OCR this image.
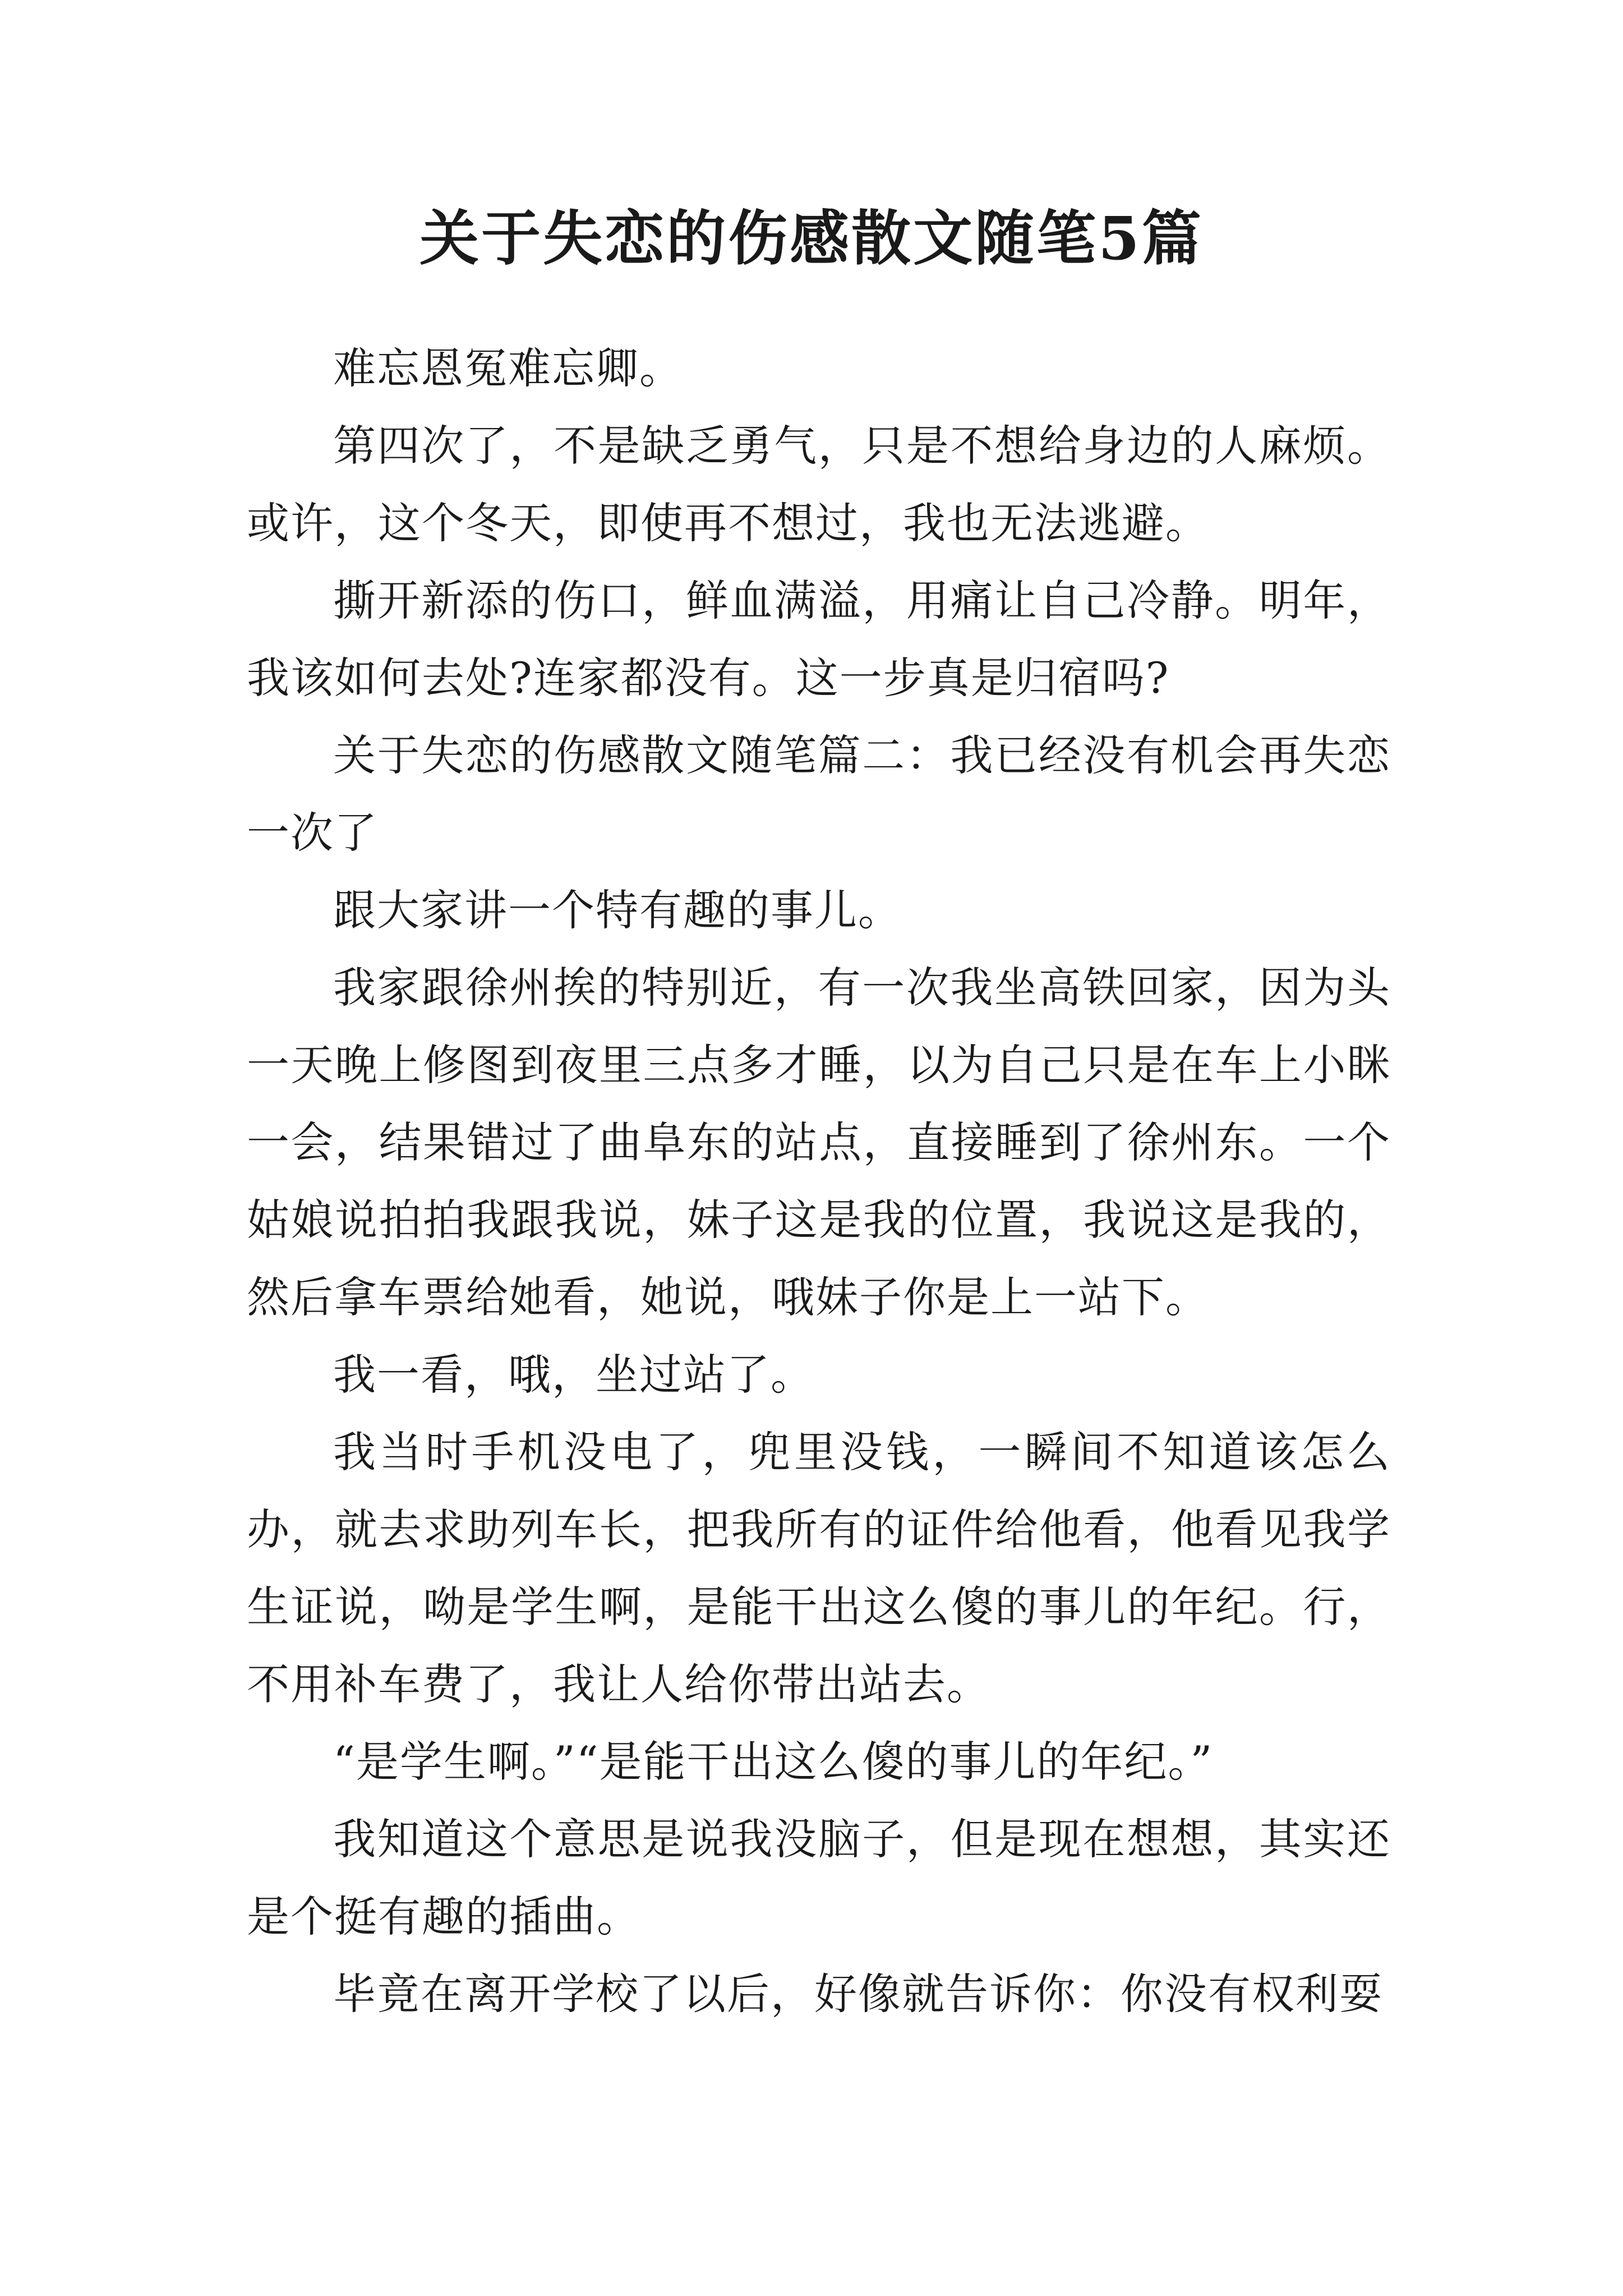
关于失恋的伤感散文随笔5篇

难忘恩冤难忘卿。

第四次了，不是缺乏勇气，只是不想给身边的人麻烦。或许，这个冬天，即使再不想过，我也无法逃避。

撕开新添的伤口，鲜血满溢，用痛让自己冷静。明年，我该如何去处?连家都没有。这一步真是归宿吗?

关于失恋的伤感散文随笔篇二：我已经没有机会再失恋一次了

跟大家讲一个特有趣的事儿。

我家跟徐州挨的特别近，有一次我坐高铁回家，因为头一天晚上修图到夜里三点多才睡，以为自己只是在车上小眯一会，结果错过了曲阜东的站点，直接睡到了徐州东。一个姑娘说拍拍我跟我说，妹子这是我的位置，我说这是我的，然后拿车票给她看，她说，哦妹子你是上一站下。

我一看，哦，坐过站了。

我当时手机没电了，兜里没钱，一瞬间不知道该怎么办，就去求助列车长，把我所有的证件给他看，他看见我学生证说，呦是学生啊，是能干出这么傻的事儿的年纪。行，不用补车费了，我让人给你带出站去。

“是学生啊。”“是能干出这么傻的事儿的年纪。”

我知道这个意思是说我没脑子，但是现在想想，其实还是个挺有趣的插曲。

毕竟在离开学校了以后，好像就告诉你：你没有权利耍
